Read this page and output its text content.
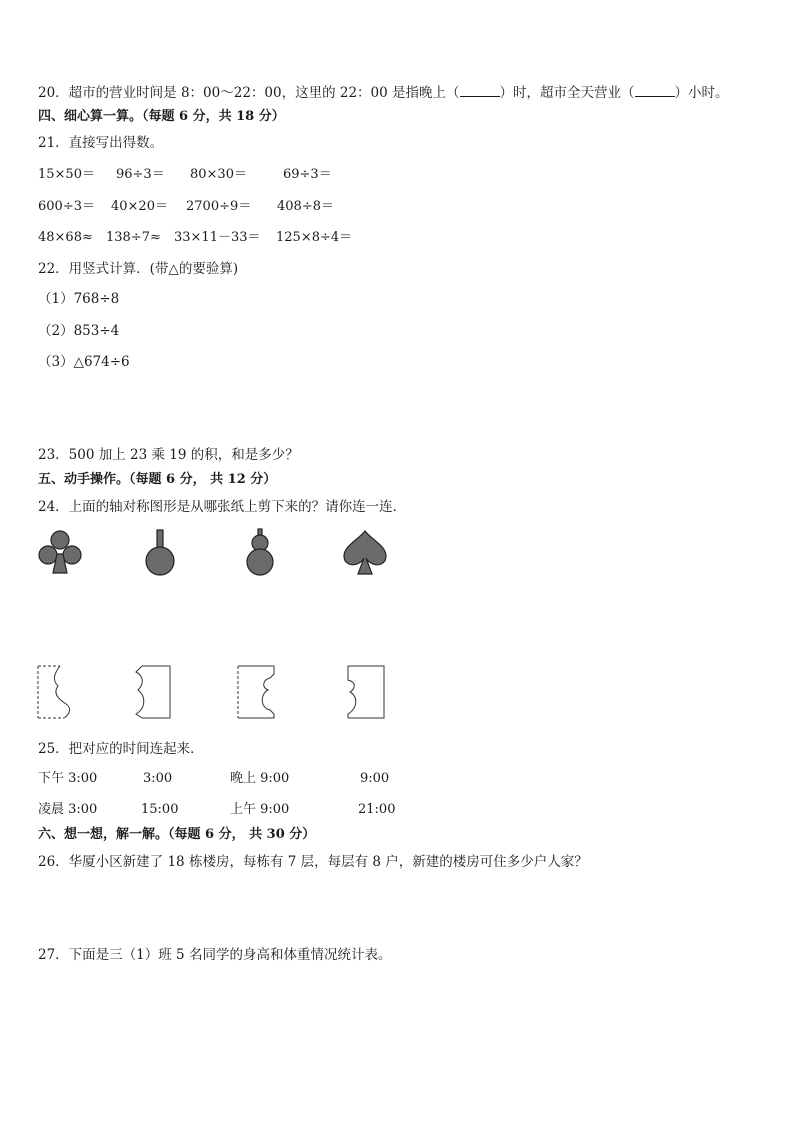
20．超市的营业时间是 8：00～22：00，这里的 22：00 是指晚上（	）时，超市全天营业（	）小时。
四、细心算一算。（每题 6 分，共 18 分）
21．直接写出得数。
15×50＝ 96÷3＝ 80×30＝	69÷3＝
600÷3＝ 40×20＝ 2700÷9＝ 408÷8＝
48×68≈ 138÷7≈ 33×11－33＝ 125×8÷4＝
22．用竖式计算．(带△的要验算)
（1）768÷8
（2）853÷4
（3）△674÷6
23．500 加上 23 乘 19 的积，和是多少？
五、动手操作。（每题 6 分， 共 12 分）
24．上面的轴对称图形是从哪张纸上剪下来的？请你连一连．
25．把对应的时间连起来．
下午 3:00	3:00	晚上 9:00	9:00
凌晨 3:00	15:00	上午 9:00	21:00
六、想一想，解一解。（每题 6 分， 共 30 分）
26．华厦小区新建了 18 栋楼房，每栋有 7 层，每层有 8 户，新建的楼房可住多少户人家？
27．下面是三（1）班 5 名同学的身高和体重情况统计表。
